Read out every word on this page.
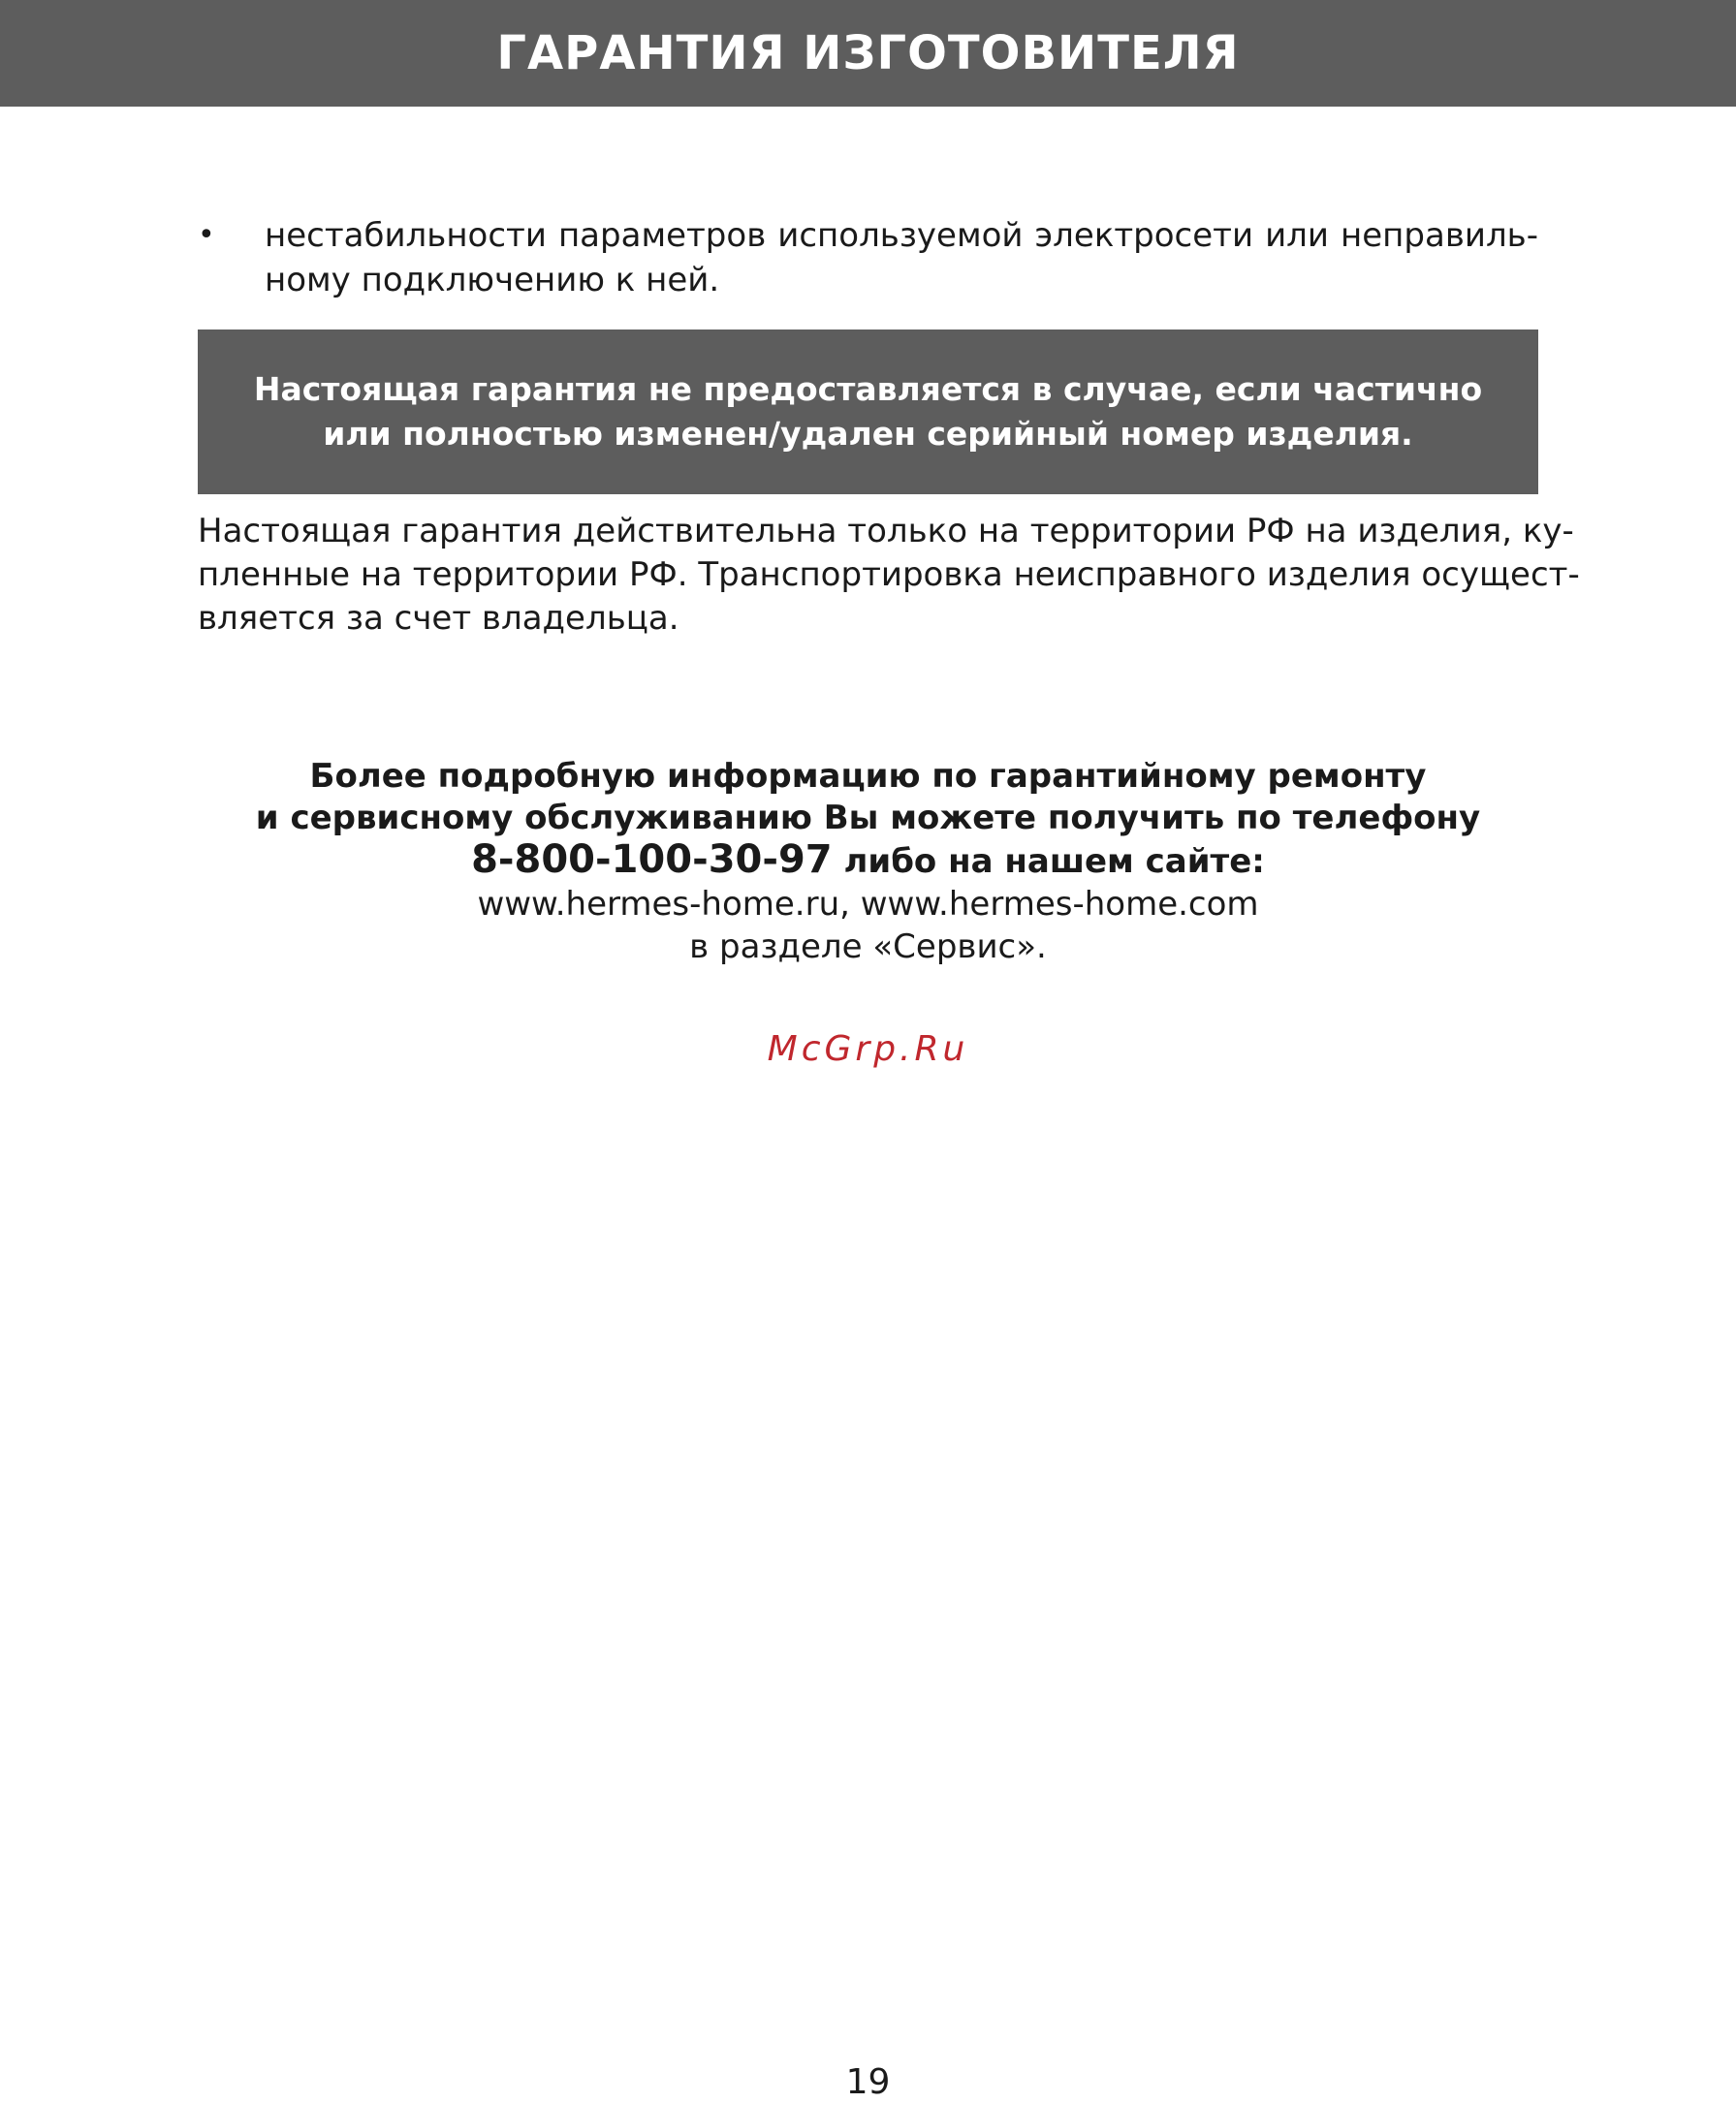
ГАРАНТИЯ ИЗГОТОВИТЕЛЯ
•	нестабильности параметров используемой электросети или неправиль-ному подключению к ней.
Настоящая гарантия не предоставляется в случае, если частично
или полностью изменен/удален серийный номер изделия.
Настоящая гарантия действительна только на территории РФ на изделия, ку-
пленные на территории РФ. Транспортировка неисправного изделия осущест-
вляется за счет владельца.
Более подробную информацию по гарантийному ремонту
и сервисному обслуживанию Вы можете получить по телефону
8-800-100-30-97 либо на нашем сайте:
www.hermes-home.ru, www.hermes-home.com
в разделе «Сервис».
McGrp.Ru
19
